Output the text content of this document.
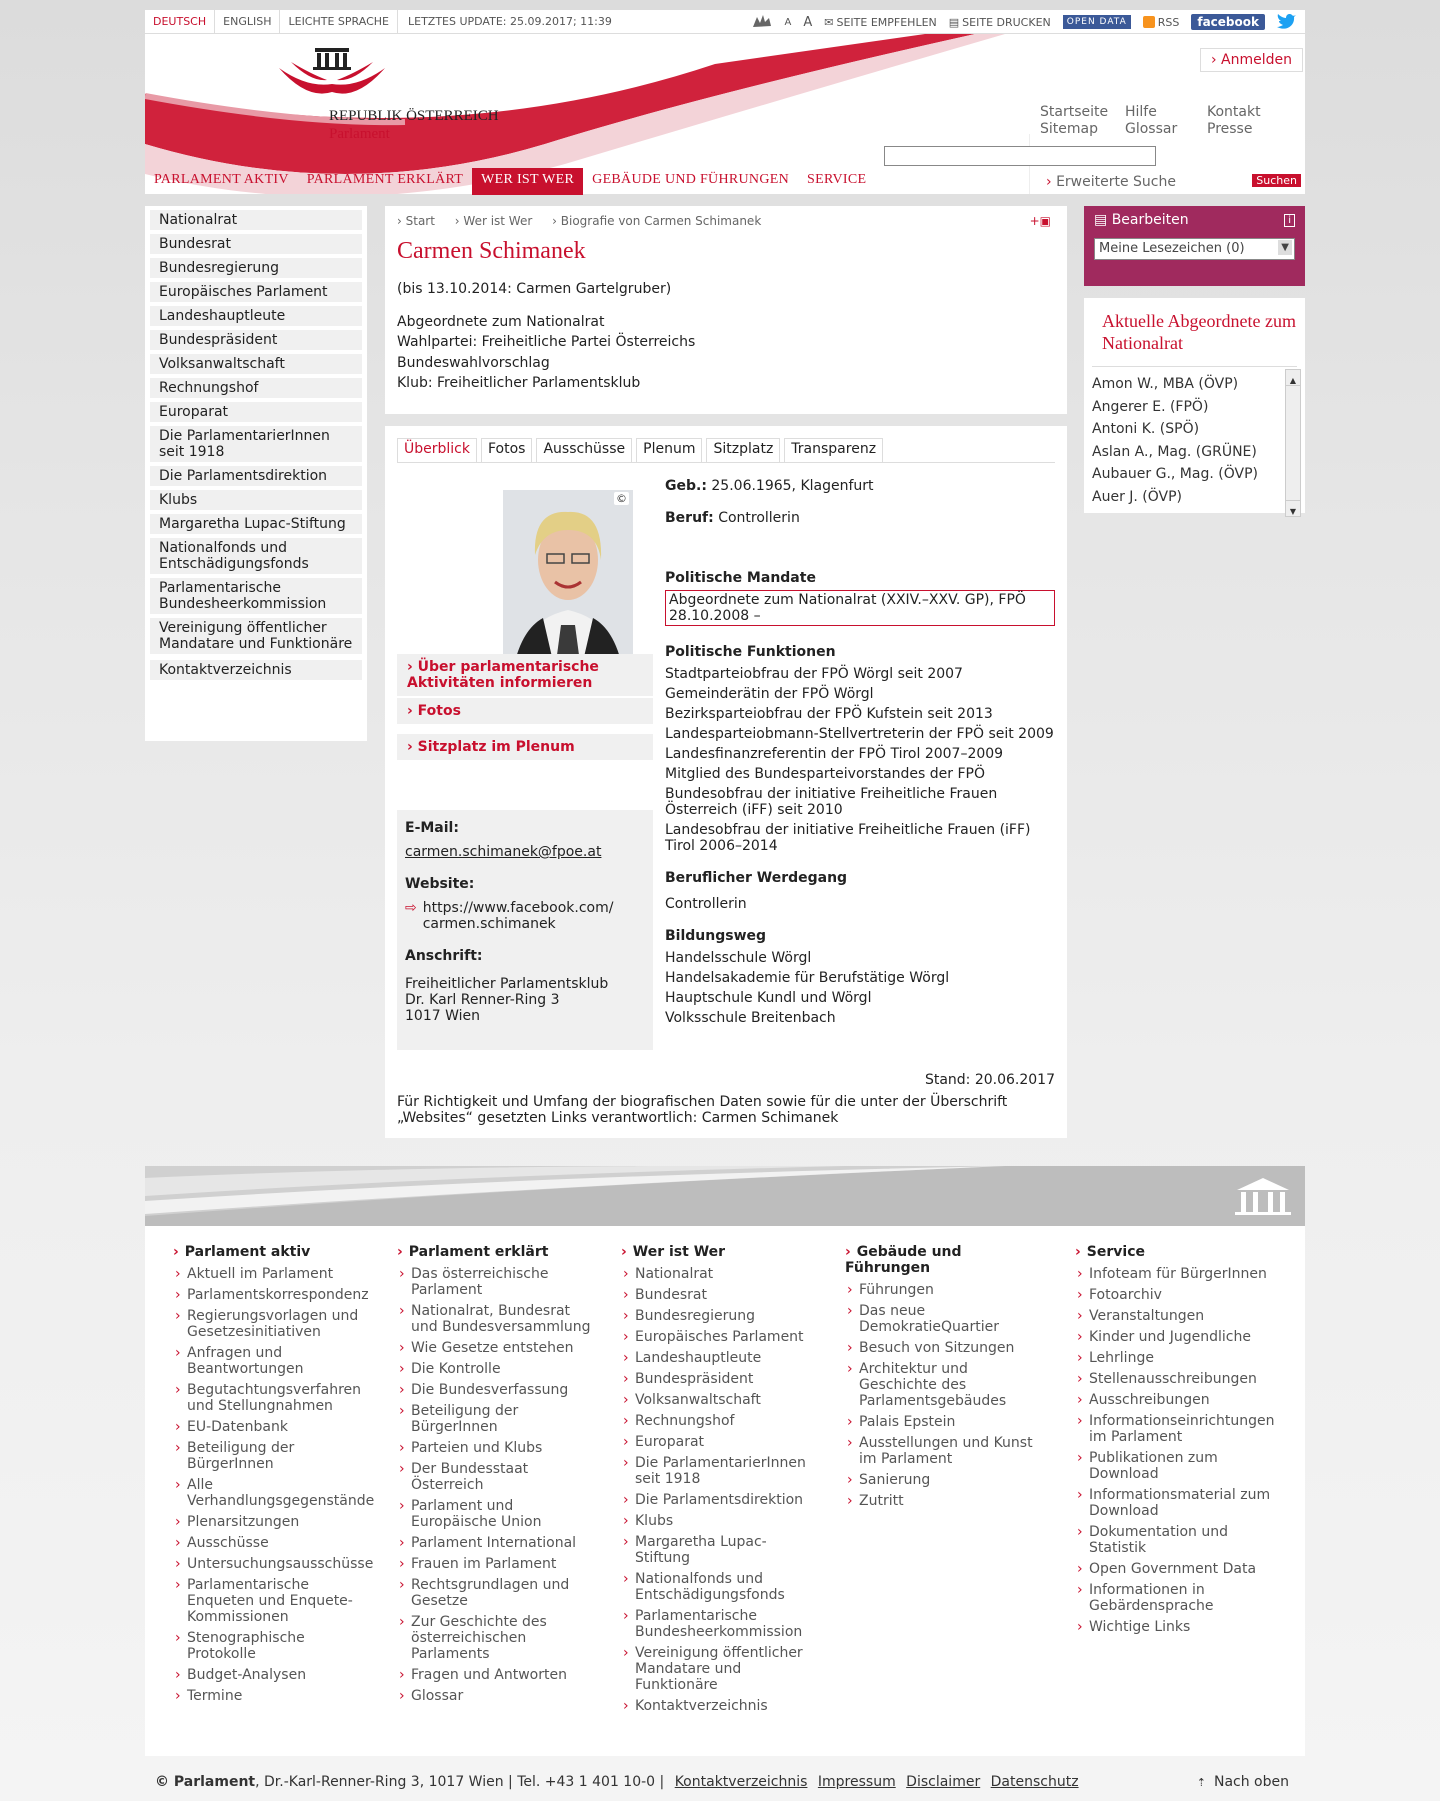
DEUTSCH	ENGLISH	LEICHTE SPRACHE	LETZTES UPDATE: 25.09.2017; 11:39	A A ✉ SEITE EMPFEHLEN ▤ SEITE DRUCKEN	OPEN DATA	RSS	facebook
REPUBLIK ÖSTERREICH
Parlament
› Anmelden
Startseite
Sitemap
Hilfe
Glossar
Kontakt
Presse
› Erweiterte Suche	Suchen
PARLAMENT AKTIV	PARLAMENT ERKLÄRT	WER IST WER	GEBÄUDE UND FÜHRUNGEN	SERVICE
Nationalrat
Bundesrat
Bundesregierung
Europäisches Parlament
Landeshauptleute
Bundespräsident
Volksanwaltschaft
Rechnungshof
Europarat
Die ParlamentarierInnen seit 1918
Die Parlamentsdirektion
Klubs
Margaretha Lupac-Stiftung
Nationalfonds und Entschädigungsfonds
Parlamentarische Bundesheerkommission
Vereinigung öffentlicher Mandatare und Funktionäre
Kontaktverzeichnis
› Start › Wer ist Wer › Biografie von Carmen Schimanek	+▣
Carmen Schimanek
(bis 13.10.2014: Carmen Gartelgruber)
Abgeordnete zum Nationalrat
Wahlpartei: Freiheitliche Partei Österreichs
Bundeswahlvorschlag
Klub: Freiheitlicher Parlamentsklub
Überblick	Fotos	Ausschüsse	Plenum	Sitzplatz	Transparenz
©
› Über parlamentarische Aktivitäten informieren
› Fotos
› Sitzplatz im Plenum
E-Mail:
carmen.schimanek@fpoe.at
Website:
⇨ https://www.facebook.com/ carmen.schimanek
Anschrift:
Freiheitlicher Parlamentsklub
Dr. Karl Renner-Ring 3
1017 Wien
Geb.: 25.06.1965, Klagenfurt
Beruf: Controllerin
Politische Mandate
Abgeordnete zum Nationalrat (XXIV.–XXV. GP), FPÖ 28.10.2008 –
Politische Funktionen
Stadtparteiobfrau der FPÖ Wörgl seit 2007
Gemeinderätin der FPÖ Wörgl
Bezirksparteiobfrau der FPÖ Kufstein seit 2013
Landesparteiobmann-Stellvertreterin der FPÖ seit 2009
Landesfinanzreferentin der FPÖ Tirol 2007–2009
Mitglied des Bundesparteivorstandes der FPÖ
Bundesobfrau der initiative Freiheitliche Frauen Österreich (iFF) seit 2010
Landesobfrau der initiative Freiheitliche Frauen (iFF) Tirol 2006–2014
Beruflicher Werdegang
Controllerin
Bildungsweg
Handelsschule Wörgl
Handelsakademie für Berufstätige Wörgl
Hauptschule Kundl und Wörgl
Volksschule Breitenbach
Stand: 20.06.2017
Für Richtigkeit und Umfang der biografischen Daten sowie für die unter der Überschrift „Websites“ gesetzten Links verantwortlich: Carmen Schimanek
▤ Bearbeiten	i
Meine Lesezeichen (0)	▼
Aktuelle Abgeordnete zum Nationalrat
Amon W., MBA (ÖVP)
Angerer E. (FPÖ)
Antoni K. (SPÖ)
Aslan A., Mag. (GRÜNE)
Aubauer G., Mag. (ÖVP)
Auer J. (ÖVP)
▲
▼
› Parlament aktiv
› Aktuell im Parlament
› Parlamentskorrespondenz
› Regierungsvorlagen und Gesetzesinitiativen
› Anfragen und Beantwortungen
› Begutachtungsverfahren und Stellungnahmen
› EU-Datenbank
› Beteiligung der BürgerInnen
› Alle Verhandlungsgegenstände
› Plenarsitzungen
› Ausschüsse
› Untersuchungsausschüsse
› Parlamentarische Enqueten und Enquete-Kommissionen
› Stenographische Protokolle
› Budget-Analysen
› Termine
› Parlament erklärt
› Das österreichische Parlament
› Nationalrat, Bundesrat und Bundesversammlung
› Wie Gesetze entstehen
› Die Kontrolle
› Die Bundesverfassung
› Beteiligung der BürgerInnen
› Parteien und Klubs
› Der Bundesstaat Österreich
› Parlament und Europäische Union
› Parlament International
› Frauen im Parlament
› Rechtsgrundlagen und Gesetze
› Zur Geschichte des österreichischen Parlaments
› Fragen und Antworten
› Glossar
› Wer ist Wer
› Nationalrat
› Bundesrat
› Bundesregierung
› Europäisches Parlament
› Landeshauptleute
› Bundespräsident
› Volksanwaltschaft
› Rechnungshof
› Europarat
› Die ParlamentarierInnen seit 1918
› Die Parlamentsdirektion
› Klubs
› Margaretha Lupac-Stiftung
› Nationalfonds und Entschädigungsfonds
› Parlamentarische Bundesheerkommission
› Vereinigung öffentlicher Mandatare und Funktionäre
› Kontaktverzeichnis
› Gebäude und Führungen
› Führungen
› Das neue DemokratieQuartier
› Besuch von Sitzungen
› Architektur und Geschichte des Parlamentsgebäudes
› Palais Epstein
› Ausstellungen und Kunst im Parlament
› Sanierung
› Zutritt
› Service
› Infoteam für BürgerInnen
› Fotoarchiv
› Veranstaltungen
› Kinder und Jugendliche
› Lehrlinge
› Stellenausschreibungen
› Ausschreibungen
› Informationseinrichtungen im Parlament
› Publikationen zum Download
› Informationsmaterial zum Download
› Dokumentation und Statistik
› Open Government Data
› Informationen in Gebärdensprache
› Wichtige Links
© Parlament, Dr.-Karl-Renner-Ring 3, 1017 Wien | Tel. +43 1 401 10-0 | Kontaktverzeichnis Impressum Disclaimer Datenschutz	⇡ Nach oben
